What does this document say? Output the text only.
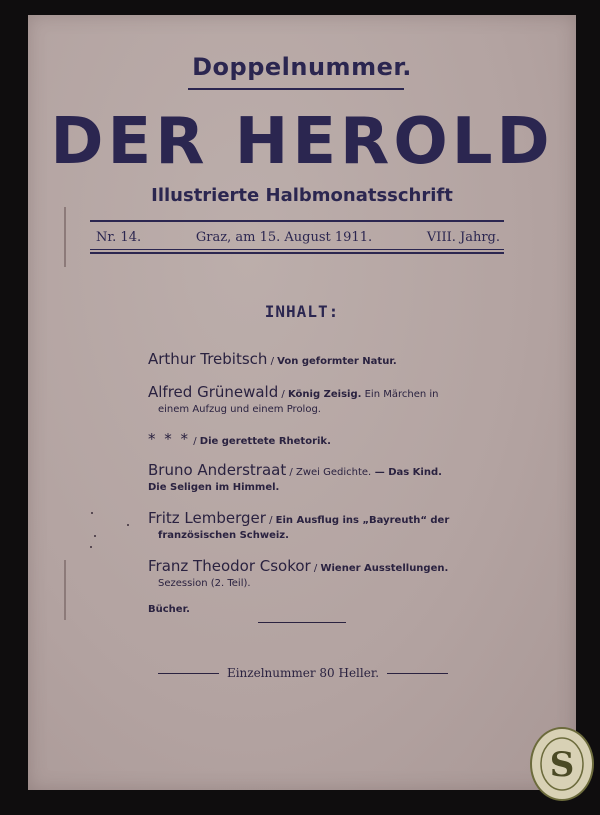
Doppelnummer.
DER HEROLD
Illustrierte Halbmonatsschrift
Nr. 14.	Graz, am 15. August 1911.	VIII. Jahrg.
INHALT:
Arthur Trebitsch / Von geformter Natur.
Alfred Grünewald / König Zeisig. Ein Märchen in
einem Aufzug und einem Prolog.
* * * / Die gerettete Rhetorik.
Bruno Anderstraat / Zwei Gedichte. — Das Kind.
Die Seligen im Himmel.
Fritz Lemberger / Ein Ausflug ins „Bayreuth“ der
französischen Schweiz.
Franz Theodor Csokor / Wiener Ausstellungen.
Sezession (2. Teil).
Bücher.
Einzelnummer 80 Heller.
S
